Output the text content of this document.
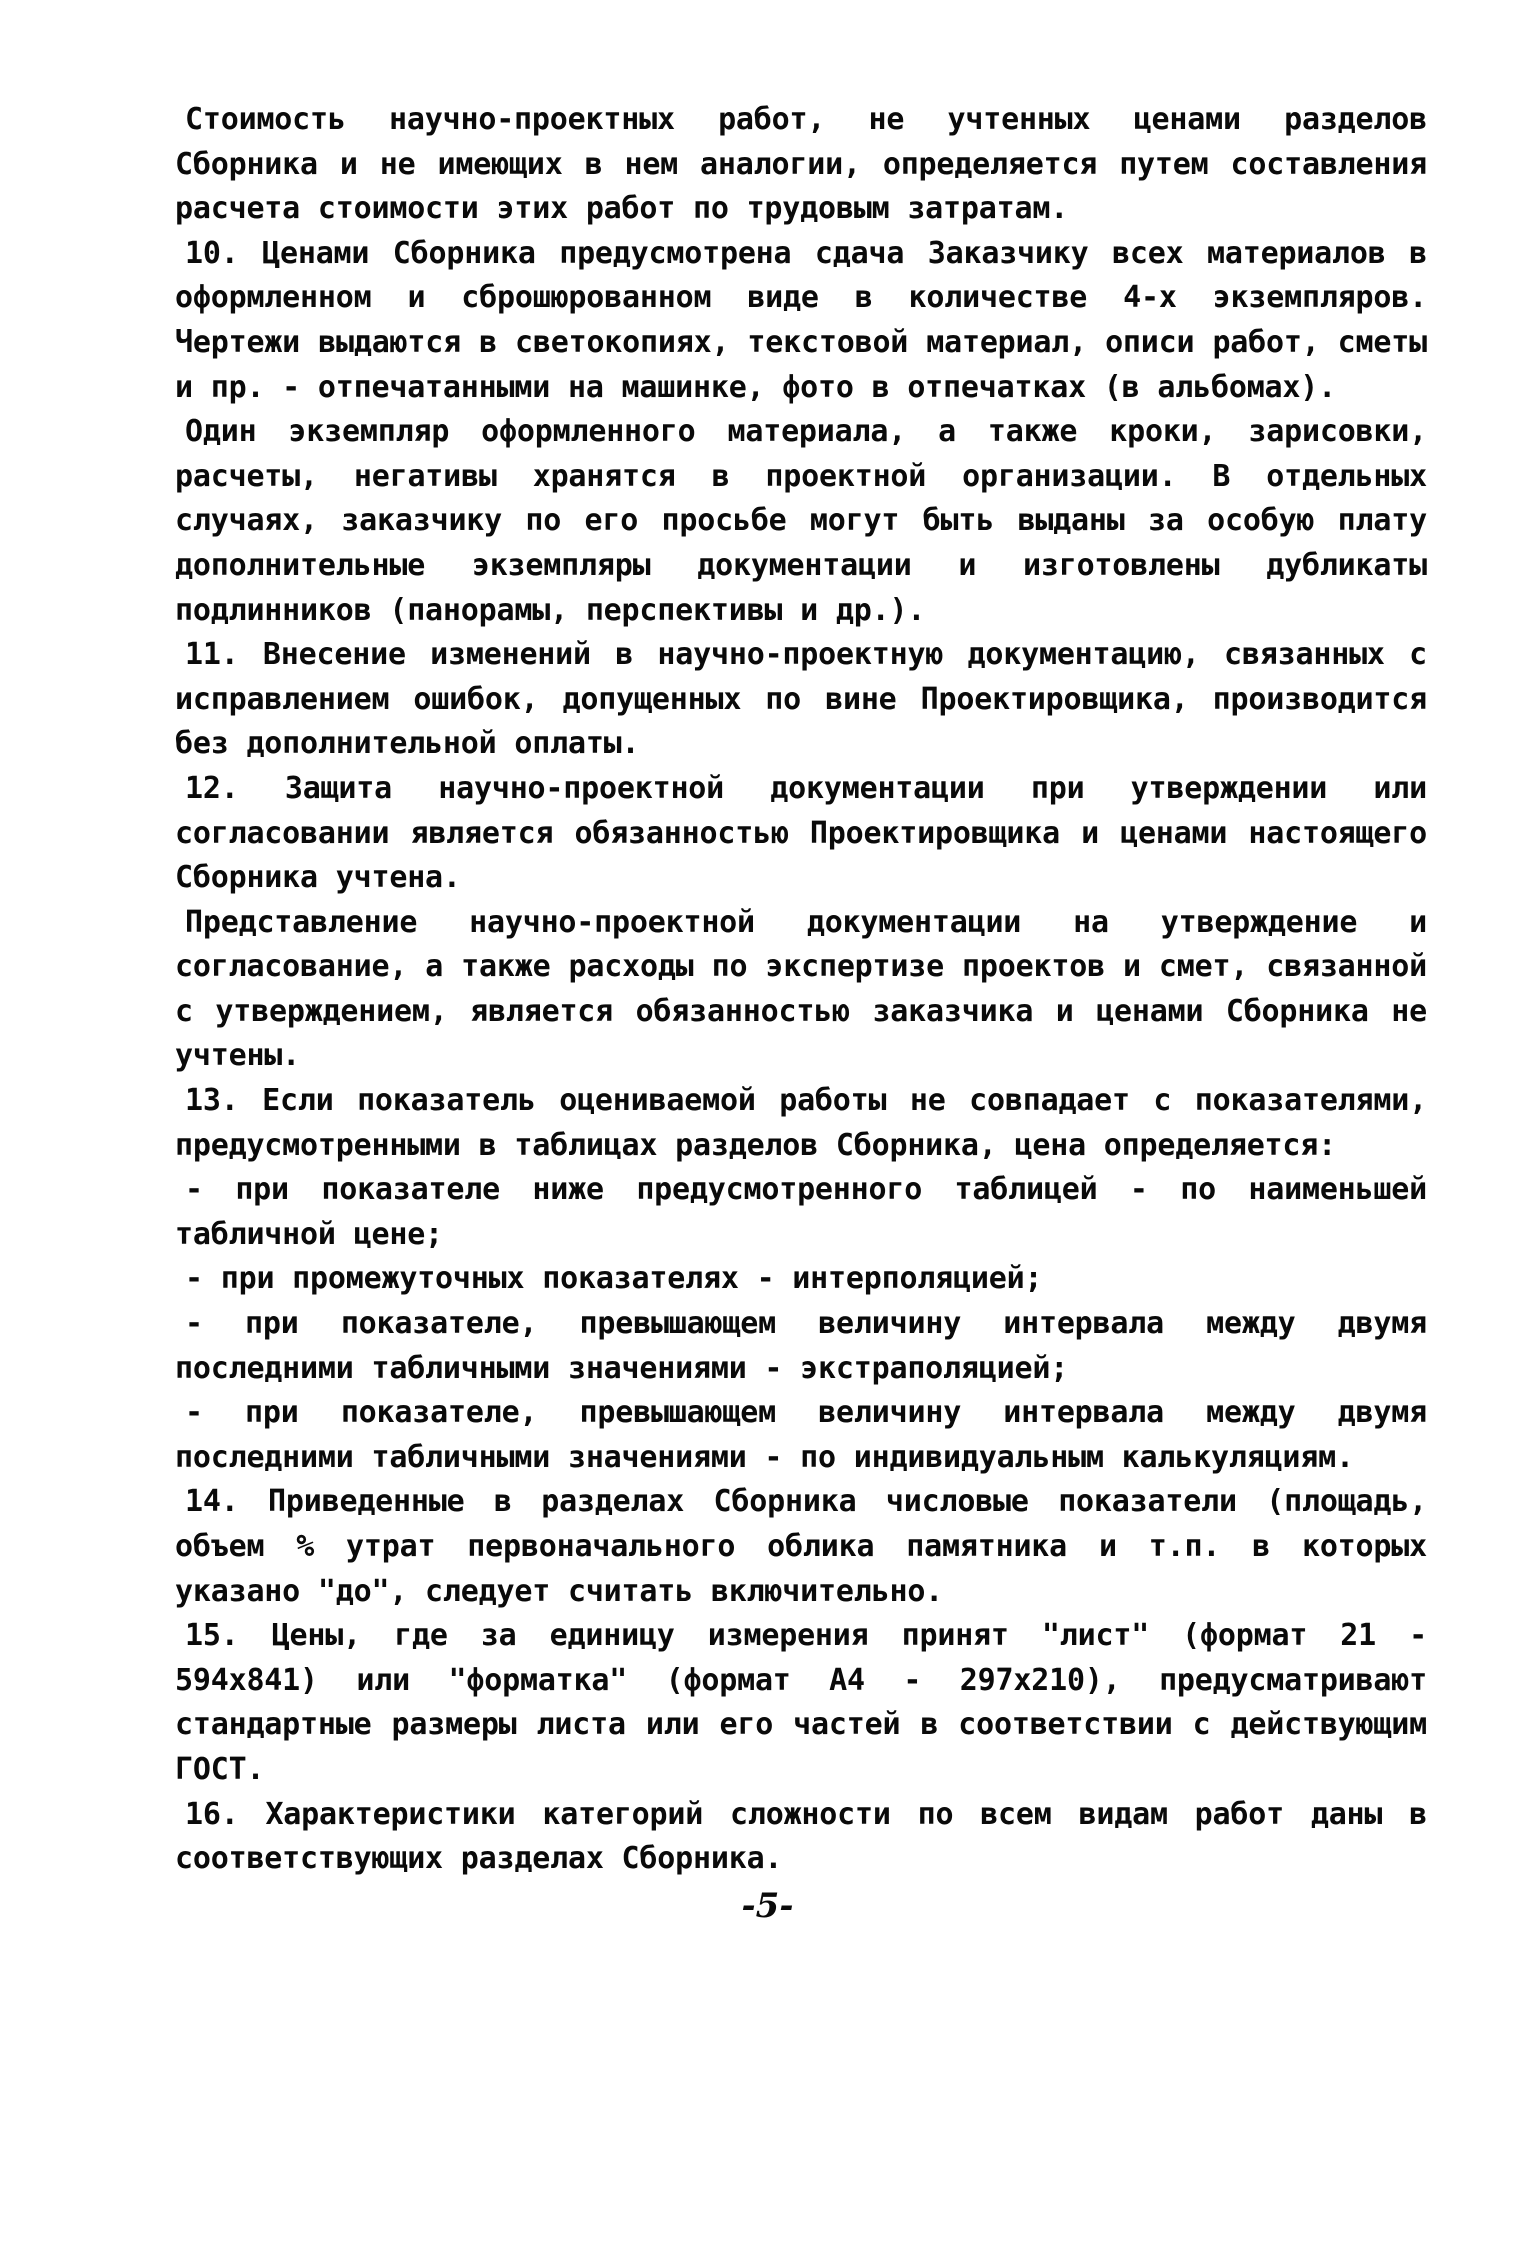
Стоимость научно-проектных работ, не учтенных ценами разделов Сборника и не имеющих в нем аналогии, определяется путем составления расчета стоимости этих работ по трудовым затратам.

10. Ценами Сборника предусмотрена сдача Заказчику всех материалов в оформленном и сброшюрованном виде в количестве 4-х экземпляров. Чертежи выдаются в светокопиях, текстовой материал, описи работ, сметы и пр. - отпечатанными на машинке, фото в отпечатках (в альбомах).

Один экземпляр оформленного материала, а также кроки, зарисовки, расчеты, негативы хранятся в проектной организации. В отдельных случаях, заказчику по его просьбе могут быть выданы за особую плату дополнительные экземпляры документации и изготовлены дубликаты подлинников (панорамы, перспективы и др.).

11. Внесение изменений в научно-проектную документацию, связанных с исправлением ошибок, допущенных по вине Проектировщика, производится без дополнительной оплаты.

12. Защита научно-проектной документации при утверждении или согласовании является обязанностью Проектировщика и ценами настоящего Сборника учтена.

Представление научно-проектной документации на утверждение и согласование, а также расходы по экспертизе проектов и смет, связанной с утверждением, является обязанностью заказчика и ценами Сборника не учтены.

13. Если показатель оцениваемой работы не совпадает с показателями, предусмотренными в таблицах разделов Сборника, цена определяется:

- при показателе ниже предусмотренного таблицей - по наименьшей табличной цене;

- при промежуточных показателях - интерполяцией;

- при показателе, превышающем величину интервала между двумя последними табличными значениями - экстраполяцией;

- при показателе, превышающем величину интервала между двумя последними табличными значениями - по индивидуальным калькуляциям.

14. Приведенные в разделах Сборника числовые показатели (площадь, объем % утрат первоначального облика памятника и т.п. в которых указано "до", следует считать включительно.

15. Цены, где за единицу измерения принят "лист" (формат 21 - 594x841) или "форматка" (формат А4 - 297x210), предусматривают стандартные размеры листа или его частей в соответствии с действующим ГОСТ.

16. Характеристики категорий сложности по всем видам работ даны в соответствующих разделах Сборника.

-5-
